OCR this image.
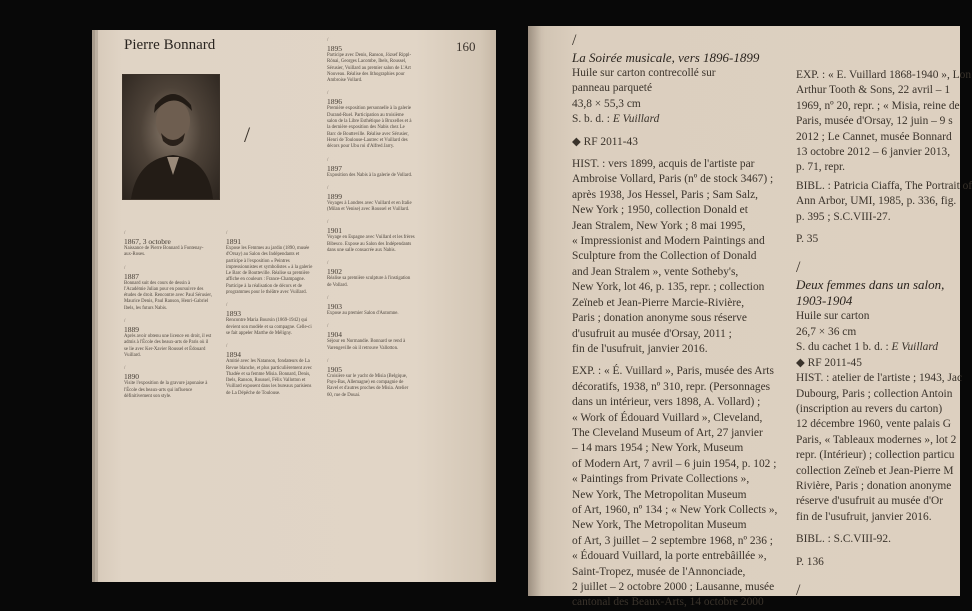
Pierre Bonnard	160
/
/
1867, 3 octobre
Naissance de Pierre Bonnard à Fontenay-aux-Roses.
/
1887
Bonnard suit des cours de dessin à l'Académie Julian pour en poursuivre des études de droit. Rencontre avec Paul Sérusier, Maurice Denis, Paul Ranson, Henri-Gabriel Ibels, les futurs Nabis.
/
1889
Après avoir obtenu une licence en droit, il est admis à l'École des beaux-arts de Paris où il se lie avec Ker-Xavier Roussel et Édouard Vuillard.
/
1890
Visite l'exposition de la gravure japonaise à l'École des beaux-arts qui influence définitivement son style.
/
1891
Expose les Femmes au jardin (1890, musée d'Orsay) au Salon des Indépendants et participe à l'exposition « Peintres impressionnistes et symbolistes » à la galerie Le Barc de Boutteville. Réalise sa première affiche en couleurs : France-Champagne. Participe à la réalisation de décors et de programmes pour le théâtre avec Vuillard.
/
1893
Rencontre Maria Boursin (1869-1942) qui devient son modèle et sa compagne. Celle-ci se fait appeler Marthe de Méligny.
/
1894
Amitié avec les Natanson, fondateurs de La Revue blanche, et plus particulièrement avec Thadée et sa femme Misia. Bonnard, Denis, Ibels, Ranson, Roussel, Félix Vallotton et Vuillard exposent dans les bureaux parisiens de La Dépêche de Toulouse.
/
1895
Participe avec Denis, Ranson, József Rippl-Rónai, Georges Lacombe, Ibels, Roussel, Sérusier, Vuillard au premier salon de L'Art Nouveau. Réalise des lithographies pour Ambroise Vollard.
/
1896
Première exposition personnelle à la galerie Durand-Ruel. Participation au troisième salon de la Libre Esthétique à Bruxelles et à la dernière exposition des Nabis chez Le Barc de Boutteville. Réalise avec Sérusier, Henri de Toulouse-Lautrec et Vuillard des décors pour Ubu roi d'Alfred Jarry.
/
1897
Exposition des Nabis à la galerie de Vollard.
/
1899
Voyages à Londres avec Vuillard et en Italie (Milan et Venise) avec Roussel et Vuillard.
/
1901
Voyage en Espagne avec Vuillard et les frères Bibesco. Expose au Salon des Indépendants dans une salle consacrée aux Nabis.
/
1902
Réalise sa première sculpture à l'instigation de Vollard.
/
1903
Expose au premier Salon d'Automne.
/
1904
Séjour en Normandie. Bonnard se rend à Varengeville où il retrouve Vallotton.
/
1905
Croisière sur le yacht de Misia (Belgique, Pays-Bas, Allemagne) en compagnie de Ravel et d'autres proches de Misia. Atelier 60, rue de Douai.
/

La Soirée musicale, vers 1896-1899

Huile sur carton contrecollé sur

panneau parqueté

43,8 × 55,3 cm

S. b. d. : E Vuillard

◆ RF 2011-43

HIST. : vers 1899, acquis de l'artiste par

Ambroise Vollard, Paris (nº de stock 3467) ;

après 1938, Jos Hessel, Paris ; Sam Salz,

New York ; 1950, collection Donald et

Jean Stralem, New York ; 8 mai 1995,

« Impressionist and Modern Paintings and

Sculpture from the Collection of Donald

and Jean Stralem », vente Sotheby's,

New York, lot 46, p. 135, repr. ; collection

Zeïneb et Jean-Pierre Marcie-Rivière,

Paris ; donation anonyme sous réserve

d'usufruit au musée d'Orsay, 2011 ;

fin de l'usufruit, janvier 2016.

EXP. : « É. Vuillard », Paris, musée des Arts

décoratifs, 1938, nº 310, repr. (Personnages

dans un intérieur, vers 1898, A. Vollard) ;

« Work of Édouard Vuillard », Cleveland,

The Cleveland Museum of Art, 27 janvier

– 14 mars 1954 ; New York, Museum

of Modern Art, 7 avril – 6 juin 1954, p. 102 ;

« Paintings from Private Collections »,

New York, The Metropolitan Museum

of Art, 1960, nº 134 ; « New York Collects »,

New York, The Metropolitan Museum

of Art, 3 juillet – 2 septembre 1968, nº 236 ;

« Édouard Vuillard, la porte entrebâillée »,

Saint-Tropez, musée de l'Annonciade,

2 juillet – 2 octobre 2000 ; Lausanne, musée

cantonal des Beaux-Arts, 14 octobre 2000

EXP. : « E. Vuillard 1868-1940 », Lon

Arthur Tooth & Sons, 22 avril – 1

1969, nº 20, repr. ; « Misia, reine de

Paris, musée d'Orsay, 12 juin – 9 s

2012 ; Le Cannet, musée Bonnard

13 octobre 2012 – 6 janvier 2013,

p. 71, repr.

BIBL. : Patricia Ciaffa, The Portrait of

Ann Arbor, UMI, 1985, p. 336, fig.

p. 395 ; S.C.VIII-27.

P. 35

/

Deux femmes dans un salon,

1903-1904

Huile sur carton

26,7 × 36 cm

S. du cachet 1 b. d. : E Vuillard

◆ RF 2011-45

HIST. : atelier de l'artiste ; 1943, Jac

Dubourg, Paris ; collection Antoin

(inscription au revers du carton)

12 décembre 1960, vente palais G

Paris, « Tableaux modernes », lot 2

repr. (Intérieur) ; collection particu

collection Zeïneb et Jean-Pierre M

Rivière, Paris ; donation anonyme

réserve d'usufruit au musée d'Or

fin de l'usufruit, janvier 2016.

BIBL. : S.C.VIII-92.

P. 136

/
